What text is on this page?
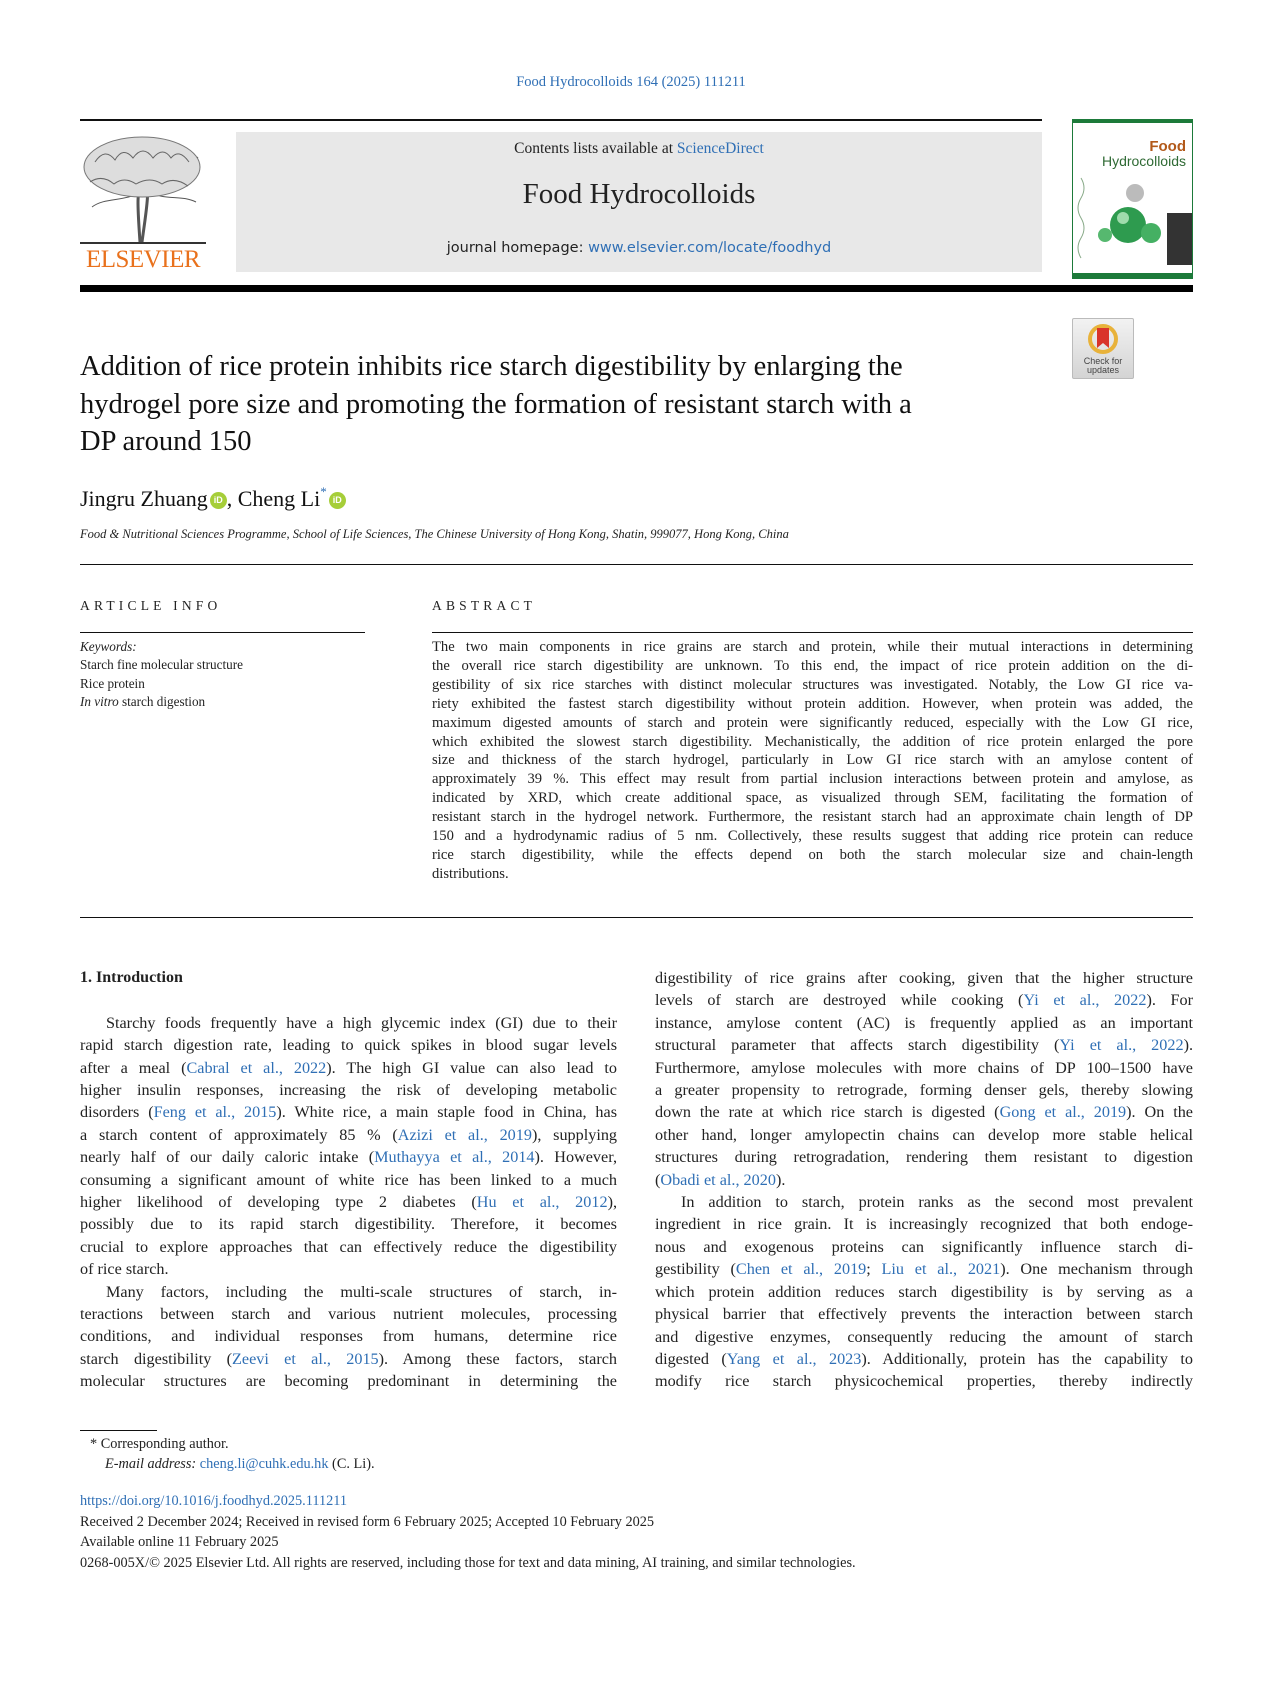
Food Hydrocolloids 164 (2025) 111211
ELSEVIER
Contents lists available at ScienceDirect
Food Hydrocolloids
journal homepage: www.elsevier.com/locate/foodhyd
Food
Hydrocolloids
Check for updates
Addition of rice protein inhibits rice starch digestibility by enlarging the
hydrogel pore size and promoting the formation of resistant starch with a
DP around 150
Jingru Zhuang iD , Cheng Li*iD
Food & Nutritional Sciences Programme, School of Life Sciences, The Chinese University of Hong Kong, Shatin, 999077, Hong Kong, China
ARTICLE INFO	ABSTRACT
Keywords:
Starch fine molecular structure
Rice protein
In vitro starch digestion
The two main components in rice grains are starch and protein, while their mutual interactions in determining
the overall rice starch digestibility are unknown. To this end, the impact of rice protein addition on the di-
gestibility of six rice starches with distinct molecular structures was investigated. Notably, the Low GI rice va-
riety exhibited the fastest starch digestibility without protein addition. However, when protein was added, the
maximum digested amounts of starch and protein were significantly reduced, especially with the Low GI rice,
which exhibited the slowest starch digestibility. Mechanistically, the addition of rice protein enlarged the pore
size and thickness of the starch hydrogel, particularly in Low GI rice starch with an amylose content of
approximately 39 %. This effect may result from partial inclusion interactions between protein and amylose, as
indicated by XRD, which create additional space, as visualized through SEM, facilitating the formation of
resistant starch in the hydrogel network. Furthermore, the resistant starch had an approximate chain length of DP
150 and a hydrodynamic radius of 5 nm. Collectively, these results suggest that adding rice protein can reduce
rice starch digestibility, while the effects depend on both the starch molecular size and chain-length
distributions.
1. Introduction
Starchy foods frequently have a high glycemic index (GI) due to their
rapid starch digestion rate, leading to quick spikes in blood sugar levels
after a meal (Cabral et al., 2022). The high GI value can also lead to
higher insulin responses, increasing the risk of developing metabolic
disorders (Feng et al., 2015). White rice, a main staple food in China, has
a starch content of approximately 85 % (Azizi et al., 2019), supplying
nearly half of our daily caloric intake (Muthayya et al., 2014). However,
consuming a significant amount of white rice has been linked to a much
higher likelihood of developing type 2 diabetes (Hu et al., 2012),
possibly due to its rapid starch digestibility. Therefore, it becomes
crucial to explore approaches that can effectively reduce the digestibility
of rice starch.
Many factors, including the multi-scale structures of starch, in-
teractions between starch and various nutrient molecules, processing
conditions, and individual responses from humans, determine rice
starch digestibility (Zeevi et al., 2015). Among these factors, starch
molecular structures are becoming predominant in determining the
digestibility of rice grains after cooking, given that the higher structure
levels of starch are destroyed while cooking (Yi et al., 2022). For
instance, amylose content (AC) is frequently applied as an important
structural parameter that affects starch digestibility (Yi et al., 2022).
Furthermore, amylose molecules with more chains of DP 100–1500 have
a greater propensity to retrograde, forming denser gels, thereby slowing
down the rate at which rice starch is digested (Gong et al., 2019). On the
other hand, longer amylopectin chains can develop more stable helical
structures during retrogradation, rendering them resistant to digestion
(Obadi et al., 2020).
In addition to starch, protein ranks as the second most prevalent
ingredient in rice grain. It is increasingly recognized that both endoge-
nous and exogenous proteins can significantly influence starch di-
gestibility (Chen et al., 2019; Liu et al., 2021). One mechanism through
which protein addition reduces starch digestibility is by serving as a
physical barrier that effectively prevents the interaction between starch
and digestive enzymes, consequently reducing the amount of starch
digested (Yang et al., 2023). Additionally, protein has the capability to
modify rice starch physicochemical properties, thereby indirectly
* Corresponding author.
E-mail address: cheng.li@cuhk.edu.hk (C. Li).
https://doi.org/10.1016/j.foodhyd.2025.111211
Received 2 December 2024; Received in revised form 6 February 2025; Accepted 10 February 2025
Available online 11 February 2025
0268-005X/© 2025 Elsevier Ltd. All rights are reserved, including those for text and data mining, AI training, and similar technologies.
